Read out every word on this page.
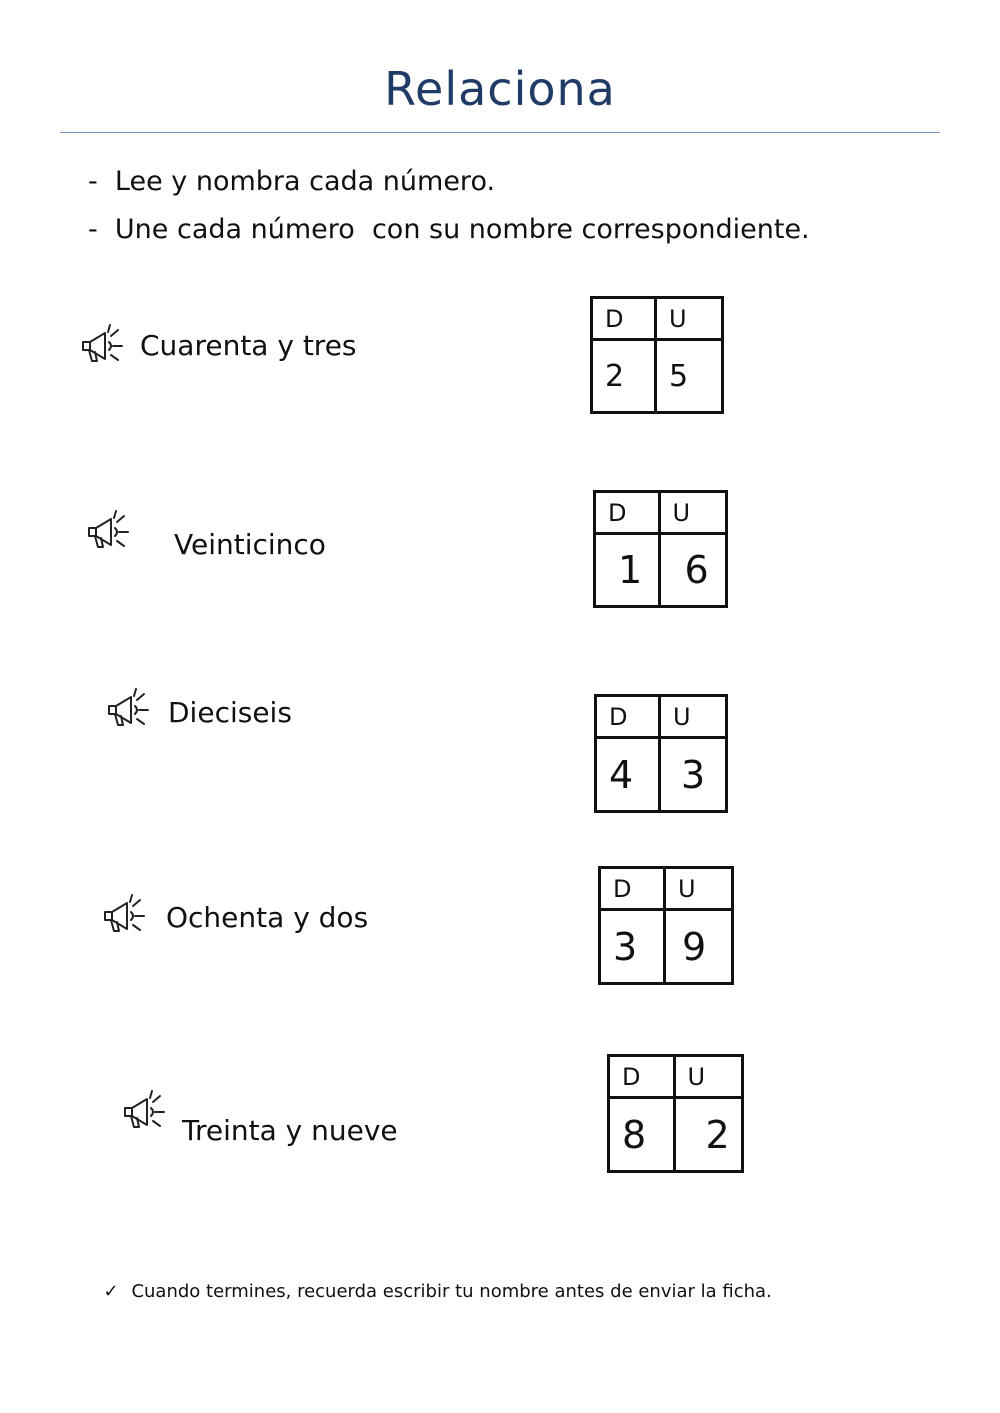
Relaciona
-  Lee y nombra cada número.
-  Une cada número  con su nombre correspondiente.
Cuarenta y tres
Veinticinco
Dieciseis
Ochenta y dos
Treinta y nueve
D	U
2	5
D	U
1	6
D	U
4	3
D	U
3	9
D	U
8	2

✓ Cuando termines, recuerda escribir tu nombre antes de enviar la ficha.
